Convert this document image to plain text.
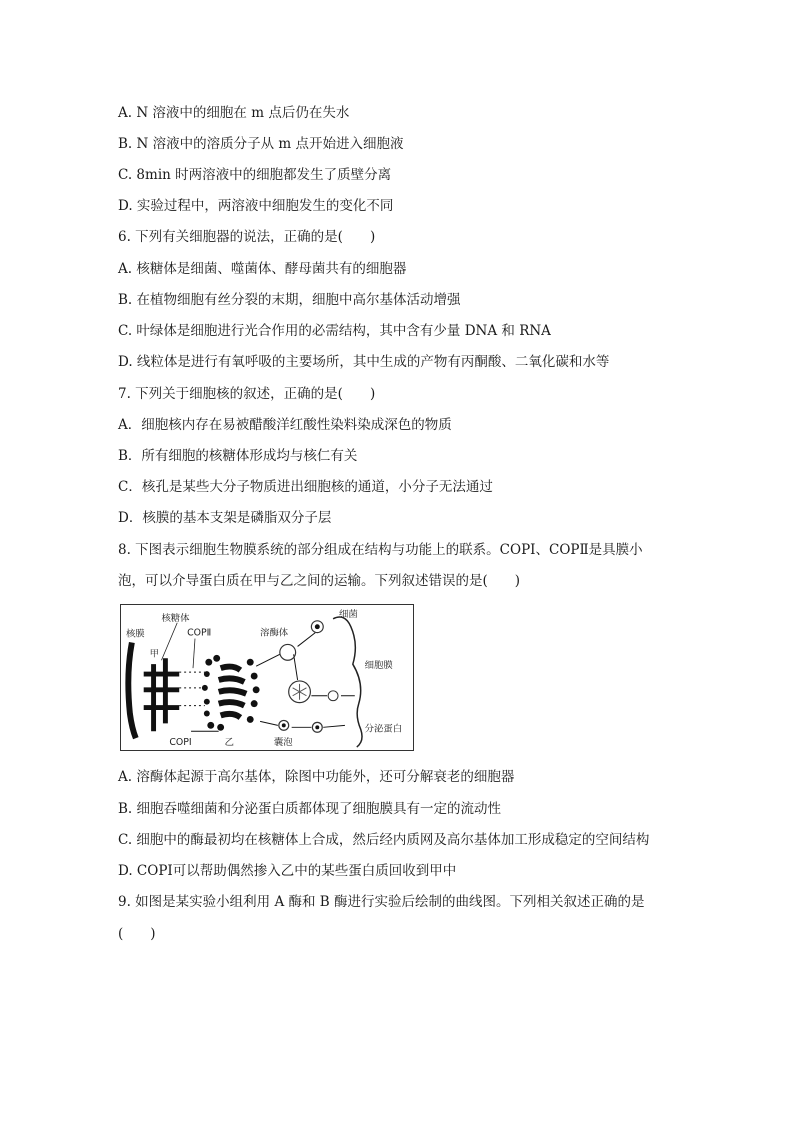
A. N 溶液中的细胞在 m 点后仍在失水
B. N 溶液中的溶质分子从 m 点开始进入细胞液
C. 8min 时两溶液中的细胞都发生了质壁分离
D. 实验过程中，两溶液中细胞发生的变化不同
6. 下列有关细胞器的说法，正确的是(　　)
A. 核糖体是细菌、噬菌体、酵母菌共有的细胞器
B. 在植物细胞有丝分裂的末期，细胞中高尔基体活动增强
C. 叶绿体是细胞进行光合作用的必需结构，其中含有少量 DNA 和 RNA
D. 线粒体是进行有氧呼吸的主要场所，其中生成的产物有丙酮酸、二氧化碳和水等
7. 下列关于细胞核的叙述，正确的是(　　)
A．细胞核内存在易被醋酸洋红酸性染料染成深色的物质
B．所有细胞的核糖体形成均与核仁有关
C．核孔是某些大分子物质进出细胞核的通道，小分子无法通过
D．核膜的基本支架是磷脂双分子层
8. 下图表示细胞生物膜系统的部分组成在结构与功能上的联系。COPⅠ、COPⅡ是具膜小
泡，可以介导蛋白质在甲与乙之间的运输。下列叙述错误的是(　　)
核糖体
核膜
甲
COPⅡ
COPⅠ	乙
溶酶体
细菌
细胞膜
囊泡
分泌蛋白
A. 溶酶体起源于高尔基体，除图中功能外，还可分解衰老的细胞器
B. 细胞吞噬细菌和分泌蛋白质都体现了细胞膜具有一定的流动性
C. 细胞中的酶最初均在核糖体上合成，然后经内质网及高尔基体加工形成稳定的空间结构
D. COPⅠ可以帮助偶然掺入乙中的某些蛋白质回收到甲中
9. 如图是某实验小组利用 A 酶和 B 酶进行实验后绘制的曲线图。下列相关叙述正确的是
(　　)
